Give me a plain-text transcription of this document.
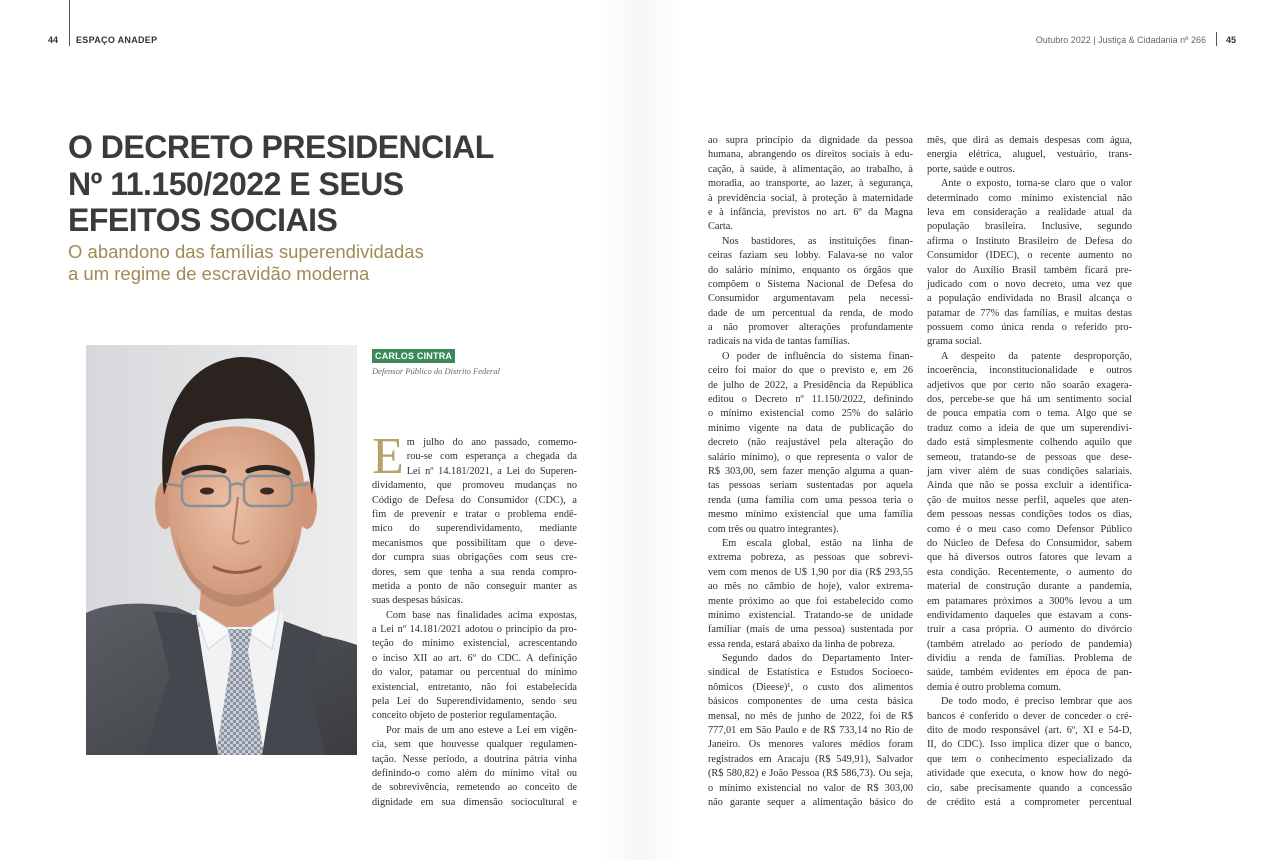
44 ESPAÇO ANADEP	Outubro 2022 | Justiça & Cidadania nº 266 45
O DECRETO PRESIDENCIAL
Nº 11.150/2022 E SEUS
EFEITOS SOCIAIS
O abandono das famílias superendividadas
a um regime de escravidão moderna
CARLOS CINTRA
Defensor Público do Distrito Federal
E m julho do ano passado, comemo-
rou-se com esperança a chegada da
Lei nº 14.181/2021, a Lei do Superen-
dividamento, que promoveu mudanças no
Código de Defesa do Consumidor (CDC), a
fim de prevenir e tratar o problema endê-
mico do superendividamento, mediante
mecanismos que possibilitam que o deve-
dor cumpra suas obrigações com seus cre-
dores, sem que tenha a sua renda compro-
metida a ponto de não conseguir manter as
suas despesas básicas.
Com base nas finalidades acima expostas,
a Lei nº 14.181/2021 adotou o princípio da pro-
teção do mínimo existencial, acrescentando
o inciso XII ao art. 6º do CDC. A definição
do valor, patamar ou percentual do mínimo
existencial, entretanto, não foi estabelecida
pela Lei do Superendividamento, sendo seu
conceito objeto de posterior regulamentação.
Por mais de um ano esteve a Lei em vigên-
cia, sem que houvesse qualquer regulamen-
tação. Nesse período, a doutrina pátria vinha
definindo-o como além do mínimo vital ou
de sobrevivência, remetendo ao conceito de
dignidade em sua dimensão sociocultural e
ao supra princípio da dignidade da pessoa
humana, abrangendo os direitos sociais à edu-
cação, à saúde, à alimentação, ao trabalho, à
moradia, ao transporte, ao lazer, à segurança,
à previdência social, à proteção à maternidade
e à infância, previstos no art. 6º da Magna
Carta.
Nos bastidores, as instituições finan-
ceiras faziam seu lobby. Falava-se no valor
do salário mínimo, enquanto os órgãos que
compõem o Sistema Nacional de Defesa do
Consumidor argumentavam pela necessi-
dade de um percentual da renda, de modo
a não promover alterações profundamente
radicais na vida de tantas famílias.
O poder de influência do sistema finan-
ceiro foi maior do que o previsto e, em 26
de julho de 2022, a Presidência da República
editou o Decreto nº 11.150/2022, definindo
o mínimo existencial como 25% do salário
mínimo vigente na data de publicação do
decreto (não reajustável pela alteração do
salário mínimo), o que representa o valor de
R$ 303,00, sem fazer menção alguma a quan-
tas pessoas seriam sustentadas por aquela
renda (uma família com uma pessoa teria o
mesmo mínimo existencial que uma família
com três ou quatro integrantes).
Em escala global, estão na linha de
extrema pobreza, as pessoas que sobrevi-
vem com menos de U$ 1,90 por dia (R$ 293,55
ao mês no câmbio de hoje), valor extrema-
mente próximo ao que foi estabelecido como
mínimo existencial. Tratando-se de unidade
familiar (mais de uma pessoa) sustentada por
essa renda, estará abaixo da linha de pobreza.
Segundo dados do Departamento Inter-
sindical de Estatística e Estudos Socioeco-
nômicos (Dieese)¹, o custo dos alimentos
básicos componentes de uma cesta básica
mensal, no mês de junho de 2022, foi de R$
777,01 em São Paulo e de R$ 733,14 no Rio de
Janeiro. Os menores valores médios foram
registrados em Aracaju (R$ 549,91), Salvador
(R$ 580,82) e João Pessoa (R$ 586,73). Ou seja,
o mínimo existencial no valor de R$ 303,00
não garante sequer a alimentação básico do
mês, que dirá as demais despesas com água,
energia elétrica, aluguel, vestuário, trans-
porte, saúde e outros.
Ante o exposto, torna-se claro que o valor
determinado como mínimo existencial não
leva em consideração a realidade atual da
população brasileira. Inclusive, segundo
afirma o Instituto Brasileiro de Defesa do
Consumidor (IDEC), o recente aumento no
valor do Auxílio Brasil também ficará pre-
judicado com o novo decreto, uma vez que
a população endividada no Brasil alcança o
patamar de 77% das famílias, e muitas destas
possuem como única renda o referido pro-
grama social.
A despeito da patente desproporção,
incoerência, inconstitucionalidade e outros
adjetivos que por certo não soarão exagera-
dos, percebe-se que há um sentimento social
de pouca empatia com o tema. Algo que se
traduz como a ideia de que um superendivi-
dado está simplesmente colhendo aquilo que
semeou, tratando-se de pessoas que dese-
jam viver além de suas condições salariais.
Ainda que não se possa excluir a identifica-
ção de muitos nesse perfil, aqueles que aten-
dem pessoas nessas condições todos os dias,
como é o meu caso como Defensor Público
do Núcleo de Defesa do Consumidor, sabem
que há diversos outros fatores que levam a
esta condição. Recentemente, o aumento do
material de construção durante a pandemia,
em patamares próximos a 300% levou a um
endividamento daqueles que estavam a cons-
truir a casa própria. O aumento do divórcio
(também atrelado ao período de pandemia)
dividiu a renda de famílias. Problema de
saúde, também evidentes em época de pan-
demia é outro problema comum.
De todo modo, é preciso lembrar que aos
bancos é conferido o dever de conceder o cré-
dito de modo responsável (art. 6º, XI e 54-D,
II, do CDC). Isso implica dizer que o banco,
que tem o conhecimento especializado da
atividade que executa, o know how do negó-
cio, sabe precisamente quando a concessão
de crédito está a comprometer percentual
